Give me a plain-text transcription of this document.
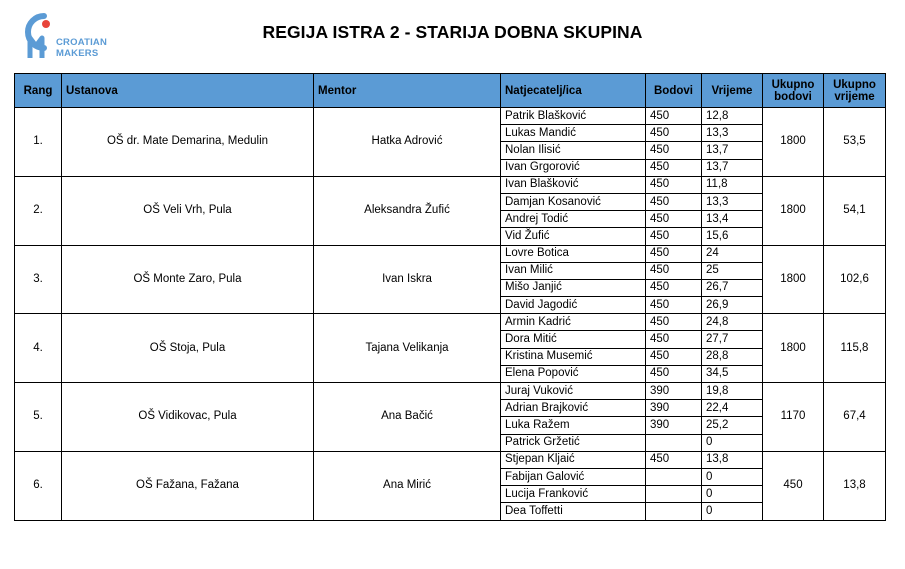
CROATIAN
MAKERS
REGIJA ISTRA 2 - STARIJA DOBNA SKUPINA
Rang	Ustanova	Mentor	Natjecatelj/ica	Bodovi	Vrijeme	Ukupno bodovi	Ukupno vrijeme
1.	OŠ dr. Mate Demarina, Medulin	Hatka Adrović	Patrik Blašković	450	12,8	1800	53,5
			Lukas Mandić	450	13,3		
			Nolan Ilisić	450	13,7		
			Ivan Grgorović	450	13,7		
2.	OŠ Veli Vrh, Pula	Aleksandra Žufić	Ivan Blašković	450	11,8	1800	54,1
			Damjan Kosanović	450	13,3		
			Andrej Todić	450	13,4		
			Vid Žufić	450	15,6		
3.	OŠ Monte Zaro, Pula	Ivan Iskra	Lovre Botica	450	24	1800	102,6
			Ivan Milić	450	25		
			Mišo Janjić	450	26,7		
			David Jagodić	450	26,9		
4.	OŠ Stoja, Pula	Tajana Velikanja	Armin Kadrić	450	24,8	1800	115,8
			Dora Mitić	450	27,7		
			Kristina Musemić	450	28,8		
			Elena Popović	450	34,5		
5.	OŠ Vidikovac, Pula	Ana Bačić	Juraj Vuković	390	19,8	1170	67,4
			Adrian Brajković	390	22,4		
			Luka Ražem	390	25,2		
			Patrick Gržetić		0		
6.	OŠ Fažana, Fažana	Ana Mirić	Stjepan Kljaić	450	13,8	450	13,8
			Fabijan Galović		0		
			Lucija Franković		0		
			Dea Toffetti		0		
